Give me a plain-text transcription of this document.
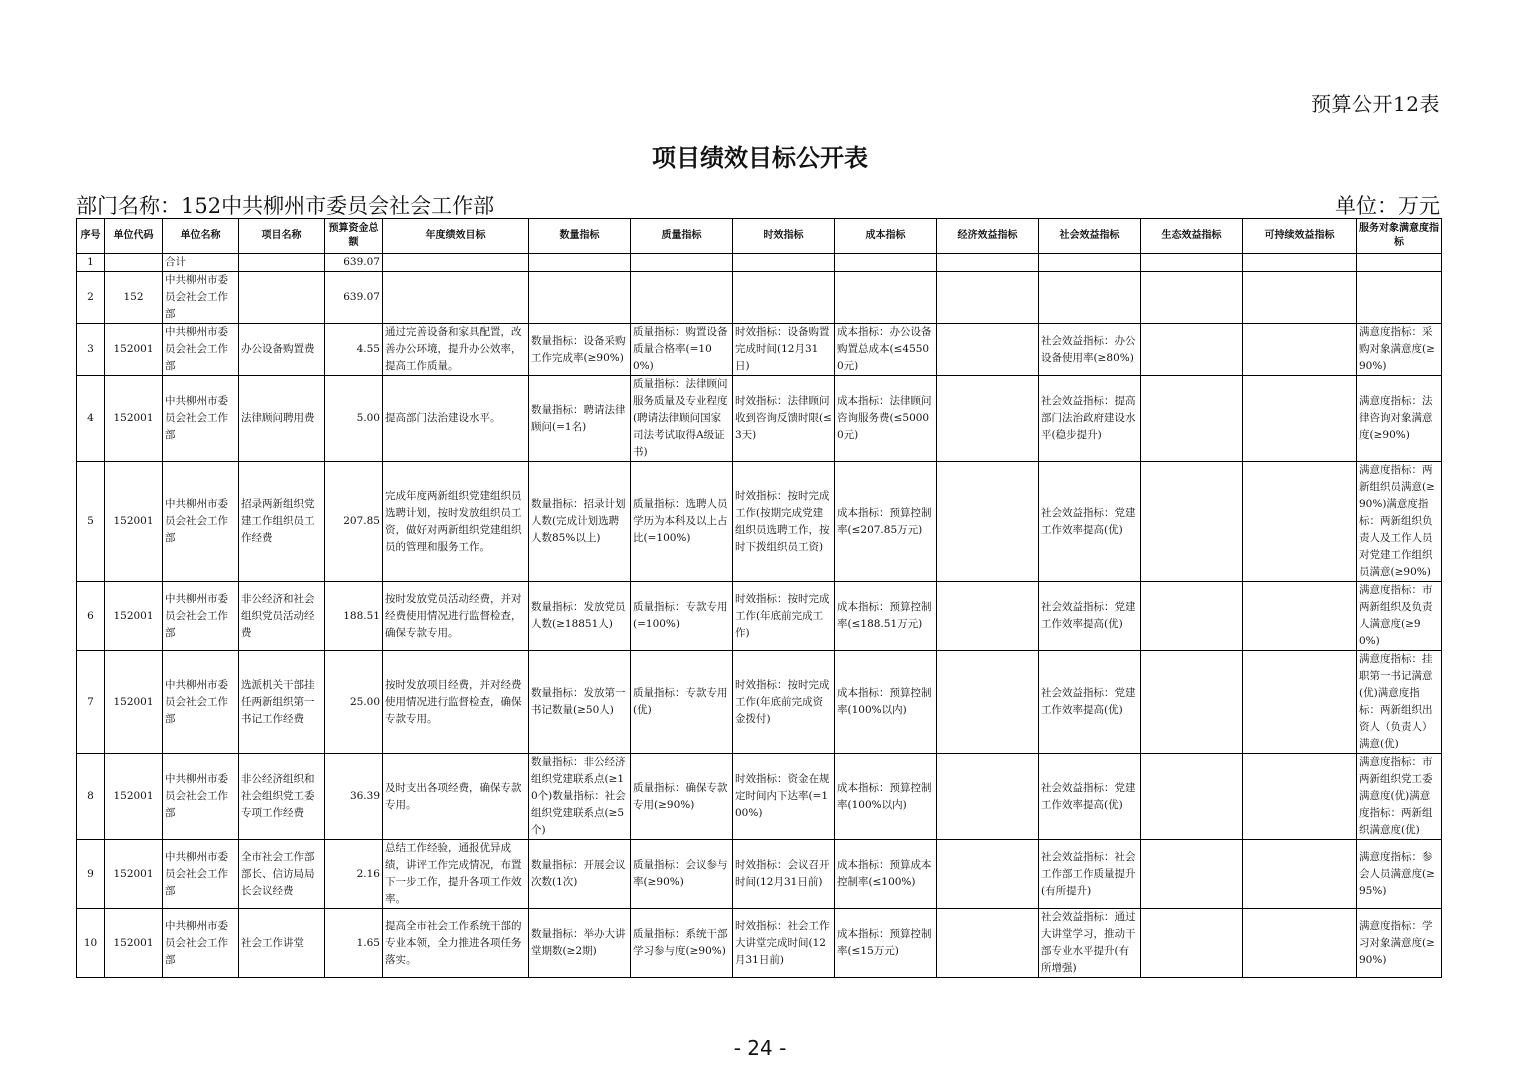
预算公开12表
项目绩效目标公开表
部门名称：152中共柳州市委员会社会工作部	单位：万元
序号	单位代码	单位名称	项目名称	预算资金总额	年度绩效目标	数量指标	质量指标	时效指标	成本指标	经济效益指标	社会效益指标	生态效益指标	可持续效益指标	服务对象满意度指标
1		合计		639.07										
2	152	中共柳州市委员会社会工作部		639.07										
3	152001	中共柳州市委员会社会工作部	办公设备购置费	4.55	通过完善设备和家具配置，改善办公环境，提升办公效率，提高工作质量。	数量指标：设备采购工作完成率(≥90%)	质量指标：购置设备质量合格率(=100%)	时效指标：设备购置完成时间(12月31日)	成本指标：办公设备购置总成本(≤45500元)		社会效益指标：办公设备使用率(≥80%)			满意度指标：采购对象满意度(≥90%)
4	152001	中共柳州市委员会社会工作部	法律顾问聘用费	5.00	提高部门法治建设水平。	数量指标：聘请法律顾问(=1名)	质量指标：法律顾问服务质量及专业程度(聘请法律顾问国家司法考试取得A级证书)	时效指标：法律顾问收到咨询反馈时限(≤3天)	成本指标：法律顾问咨询服务费(≤50000元)		社会效益指标：提高部门法治政府建设水平(稳步提升)			满意度指标：法律咨询对象满意度(≥90%)
5	152001	中共柳州市委员会社会工作部	招录两新组织党建工作组织员工作经费	207.85	完成年度两新组织党建组织员选聘计划，按时发放组织员工资，做好对两新组织党建组织员的管理和服务工作。	数量指标：招录计划人数(完成计划选聘人数85%以上)	质量指标：选聘人员学历为本科及以上占比(=100%)	时效指标：按时完成工作(按期完成党建组织员选聘工作，按时下拨组织员工资)	成本指标：预算控制率(≤207.85万元)		社会效益指标：党建工作效率提高(优)			满意度指标：两新组织员满意(≥90%)满意度指标：两新组织负责人及工作人员对党建工作组织员满意(≥90%)
6	152001	中共柳州市委员会社会工作部	非公经济和社会组织党员活动经费	188.51	按时发放党员活动经费，并对经费使用情况进行监督检查，确保专款专用。	数量指标：发放党员人数(≥18851人)	质量指标：专款专用(=100%)	时效指标：按时完成工作(年底前完成工作)	成本指标：预算控制率(≤188.51万元)		社会效益指标：党建工作效率提高(优)			满意度指标：市两新组织及负责人满意度(≥90%)
7	152001	中共柳州市委员会社会工作部	选派机关干部挂任两新组织第一书记工作经费	25.00	按时发放项目经费，并对经费使用情况进行监督检查，确保专款专用。	数量指标：发放第一书记数量(≥50人)	质量指标：专款专用(优)	时效指标：按时完成工作(年底前完成资金拨付)	成本指标：预算控制率(100%以内)		社会效益指标：党建工作效率提高(优)			满意度指标：挂职第一书记满意(优)满意度指标：两新组织出资人（负责人）满意(优)
8	152001	中共柳州市委员会社会工作部	非公经济组织和社会组织党工委专项工作经费	36.39	及时支出各项经费，确保专款专用。	数量指标：非公经济组织党建联系点(≥10个)数量指标：社会组织党建联系点(≥5个)	质量指标：确保专款专用(≥90%)	时效指标：资金在规定时间内下达率(=100%)	成本指标：预算控制率(100%以内)		社会效益指标：党建工作效率提高(优)			满意度指标：市两新组织党工委满意度(优)满意度指标：两新组织满意度(优)
9	152001	中共柳州市委员会社会工作部	全市社会工作部部长、信访局局长会议经费	2.16	总结工作经验，通报优异成绩，讲评工作完成情况，布置下一步工作，提升各项工作效率。	数量指标：开展会议次数(1次)	质量指标：会议参与率(≥90%)	时效指标：会议召开时间(12月31日前)	成本指标：预算成本控制率(≤100%)		社会效益指标：社会工作部工作质量提升(有所提升)			满意度指标：参会人员满意度(≥95%)
10	152001	中共柳州市委员会社会工作部	社会工作讲堂	1.65	提高全市社会工作系统干部的专业本领，全力推进各项任务落实。	数量指标：举办大讲堂期数(≥2期)	质量指标：系统干部学习参与度(≥90%)	时效指标：社会工作大讲堂完成时间(12月31日前)	成本指标：预算控制率(≤15万元)		社会效益指标：通过大讲堂学习，推动干部专业水平提升(有所增强)			满意度指标：学习对象满意度(≥90%)
- 24 -
